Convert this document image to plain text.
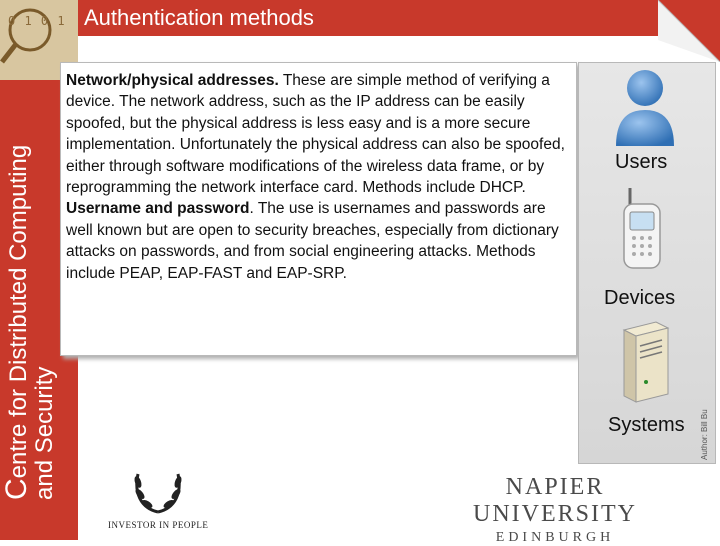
0 1 0 1
Centre for Distributed Computing and Security
Authentication methods
Network/physical addresses. These are simple method of verifying a device. The network address, such as the IP address can be easily spoofed, but the physical address is less easy and is a more secure implementation. Unfortunately the physical address can also be spoofed, either through software modifications of the wireless data frame, or by reprogramming the network interface card. Methods include DHCP.
Username and password. The use is usernames and passwords are well known but are open to security breaches, especially from dictionary attacks on passwords, and from social engineering attacks. Methods include PEAP, EAP-FAST and EAP-SRP.
Users
Devices
Systems Author: Bill Bu
INVESTOR IN PEOPLE
NAPIER UNIVERSITY
EDINBURGH
